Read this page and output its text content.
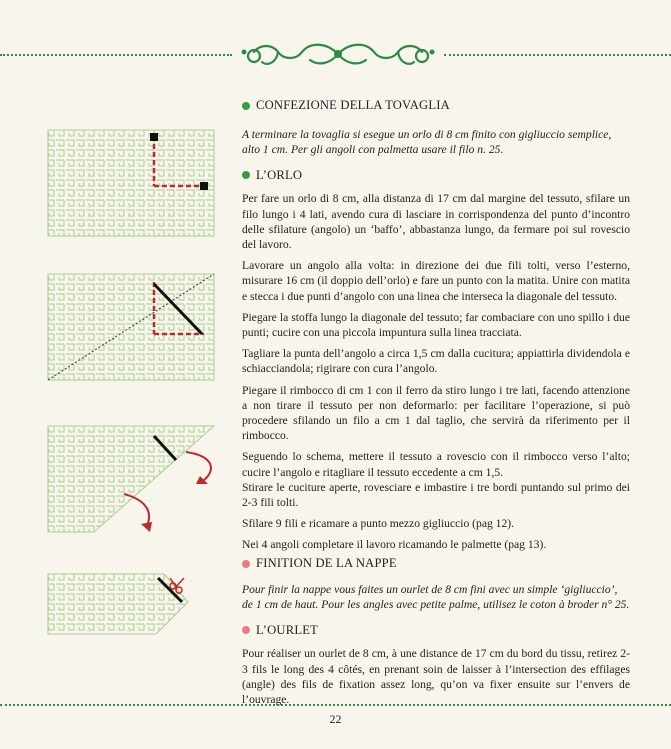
CONFEZIONE DELLA TOVAGLIA

A terminare la tovaglia si esegue un orlo di 8 cm finito con gigliuccio semplice, alto 1 cm. Per gli angoli con palmetta usare il filo n. 25.

L’ORLO

Per fare un orlo di 8 cm, alla distanza di 17 cm dal margine del tessuto, sfilare un filo lungo i 4 lati, avendo cura di lasciare in corrispondenza del punto d’incontro delle sfilature (angolo) un ‘baffo’, abbastanza lungo, da fermare poi sul rovescio del lavoro.

Lavorare un angolo alla volta: in direzione dei due fili tolti, verso l’esterno, misurare 16 cm (il doppio dell’orlo) e fare un punto con la matita. Unire con matita e stecca i due punti d’angolo con una linea che interseca la diagonale del tessuto.

Piegare la stoffa lungo la diagonale del tessuto; far combaciare con uno spillo i due punti; cucire con una piccola impuntura sulla linea tracciata.

Tagliare la punta dell’angolo a circa 1,5 cm dalla cucitura; appiattirla dividendola e schiacciandola; rigirare con cura l’angolo.

Piegare il rimbocco di cm 1 con il ferro da stiro lungo i tre lati, facendo attenzione a non tirare il tessuto per non deformarlo: per facilitare l’operazione, si può procedere sfilando un filo a cm 1 dal taglio, che servirà da riferimento per il rimbocco.

Seguendo lo schema, mettere il tessuto a rovescio con il rimbocco verso l’alto; cucire l’angolo e ritagliare il tessuto eccedente a cm 1,5.
Stirare le cuciture aperte, rovesciare e imbastire i tre bordi puntando sul primo dei 2-3 fili tolti.

Sfilare 9 fili e ricamare a punto mezzo gigliuccio (pag 12).

Nei 4 angoli completare il lavoro ricamando le palmette (pag 13).

FINITION DE LA NAPPE

Pour finir la nappe vous faites un ourlet de 8 cm fini avec un simple ‘gigliuccio’, de 1 cm de haut. Pour les angles avec petite palme, utilisez le coton à broder n° 25.

L’OURLET

Pour réaliser un ourlet de 8 cm, à une distance de 17 cm du bord du tissu, retirez 2-3 fils le long des 4 côtés, en prenant soin de laisser à l’intersection des effilages (angle) des fils de fixation assez long, qu’on va fixer ensuite sur l’envers de l’ouvrage.

22
